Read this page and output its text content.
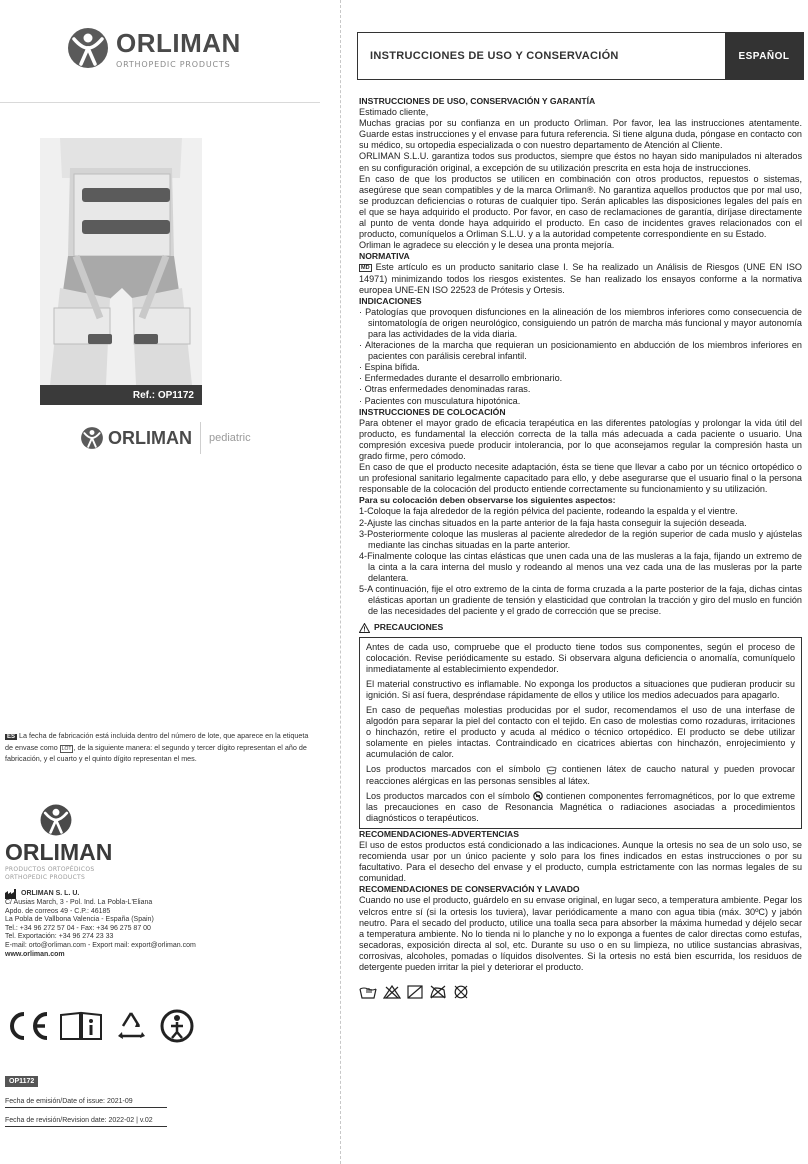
ORLIMAN
ORTHOPEDIC PRODUCTS
Ref.: OP1172
ORLIMAN pediatric
ES La fecha de fabricación está incluida dentro del número de lote, que aparece en la etiqueta de envase como LOT , de la siguiente manera: el segundo y tercer dígito representan el año de fabricación, y el cuarto y el quinto dígito representan el mes.
ORLIMAN
PRODUCTOS ORTOPÉDICOS
ORTHOPEDIC PRODUCTS
ORLIMAN S. L. U.
C/ Ausias March, 3 - Pol. Ind. La Pobla-L'Eliana
Apdo. de correos 49 - C.P.: 46185
La Pobla de Vallbona Valencia - España (Spain)
Tel.: +34 96 272 57 04 - Fax: +34 96 275 87 00
Tel. Exportación: +34 96 274 23 33
E-mail: orto@orliman.com - Export mail: export@orliman.com
www.orliman.com
OP1172
Fecha de emisión/Date of issue: 2021-09
Fecha de revisión/Revision date: 2022-02 | v.02
INSTRUCCIONES DE USO Y CONSERVACIÓN	ESPAÑOL

INSTRUCCIONES DE USO, CONSERVACIÓN Y GARANTÍA

Estimado cliente,

Muchas gracias por su confianza en un producto Orliman. Por favor, lea las instrucciones atentamente. Guarde estas instrucciones y el envase para futura referencia. Si tiene alguna duda, póngase en contacto con su médico, su ortopedia especializada o con nuestro departamento de Atención al Cliente.

ORLIMAN S.L.U. garantiza todos sus productos, siempre que éstos no hayan sido manipulados ni alterados en su configuración original, a excepción de su utilización prescrita en esta hoja de instrucciones.

En caso de que los productos se utilicen en combinación con otros productos, repuestos o sistemas, asegúrese que sean compatibles y de la marca Orliman®. No garantiza aquellos productos que por mal uso, se produzcan deficiencias o roturas de cualquier tipo. Serán aplicables las disposiciones legales del país en el que se haya adquirido el producto. Por favor, en caso de reclamaciones de garantía, diríjase directamente al punto de venta donde haya adquirido el producto. En caso de incidentes graves relacionados con el producto, comuníquelos a Orliman S.L.U. y a la autoridad competente correspondiente en su Estado.

Orliman le agradece su elección y le desea una pronta mejoría.

NORMATIVA

MD Este artículo es un producto sanitario clase I. Se ha realizado un Análisis de Riesgos (UNE EN ISO 14971) minimizando todos los riesgos existentes. Se han realizado los ensayos conforme a la normativa europea UNE-EN ISO 22523 de Prótesis y Ortesis.

INDICACIONES

· Patologías que provoquen disfunciones en la alineación de los miembros inferiores como consecuencia de sintomatología de origen neurológico, consiguiendo un patrón de marcha más funcional y mayor autonomía para las actividades de la vida diaria.
· Alteraciones de la marcha que requieran un posicionamiento en abducción de los miembros inferiores en pacientes con parálisis cerebral infantil.
· Espina bífida.
· Enfermedades durante el desarrollo embrionario.
· Otras enfermedades denominadas raras.
· Pacientes con musculatura hipotónica.

INSTRUCCIONES DE COLOCACIÓN

Para obtener el mayor grado de eficacia terapéutica en las diferentes patologías y prolongar la vida útil del producto, es fundamental la elección correcta de la talla más adecuada a cada paciente o usuario. Una compresión excesiva puede producir intolerancia, por lo que aconsejamos regular la compresión hasta un grado firme, pero cómodo.

En caso de que el producto necesite adaptación, ésta se tiene que llevar a cabo por un técnico ortopédico o un profesional sanitario legalmente capacitado para ello, y debe asegurarse que el usuario final o la persona responsable de la colocación del producto entiende correctamente su funcionamiento y su utilización.

Para su colocación deben observarse los siguientes aspectos:

1-Coloque la faja alrededor de la región pélvica del paciente, rodeando la espalda y el vientre.
2-Ajuste las cinchas situados en la parte anterior de la faja hasta conseguir la sujeción deseada.
3-Posteriormente coloque las musleras al paciente alrededor de la región superior de cada muslo y ajústelas mediante las cinchas situadas en la parte anterior.
4-Finalmente coloque las cintas elásticas que unen cada una de las musleras a la faja, fijando un extremo de la cinta a la cara interna del muslo y rodeando al menos una vez cada una de las musleras por la parte delantera.
5-A continuación, fije el otro extremo de la cinta de forma cruzada a la parte posterior de la faja, dichas cintas elásticas aportan un gradiente de tensión y elasticidad que controlan la tracción y giro del muslo en función de las necesidades del paciente y el grado de corrección que se precise.
PRECAUCIONES

Antes de cada uso, compruebe que el producto tiene todos sus componentes, según el proceso de colocación. Revise periódicamente su estado. Si observara alguna deficiencia o anomalía, comuníquelo inmediatamente al establecimiento expendedor.

El material constructivo es inflamable. No exponga los productos a situaciones que pudieran producir su ignición. Si así fuera, despréndase rápidamente de ellos y utilice los medios adecuados para apagarlo.

En caso de pequeñas molestias producidas por el sudor, recomendamos el uso de una interfase de algodón para separar la piel del contacto con el tejido. En caso de molestias como rozaduras, irritaciones o hinchazón, retire el producto y acuda al médico o técnico ortopédico. El producto se debe utilizar solamente en pieles intactas. Contraindicado en cicatrices abiertas con hinchazón, enrojecimiento y acumulación de calor.

Los productos marcados con el símbolo contienen látex de caucho natural y pueden provocar reacciones alérgicas en las personas sensibles al látex.

Los productos marcados con el símbolo contienen componentes ferromagnéticos, por lo que extreme las precauciones en caso de Resonancia Magnética o radiaciones asociadas a procedimientos diagnósticos o terapéuticos.

RECOMENDACIONES-ADVERTENCIAS

El uso de estos productos está condicionado a las indicaciones. Aunque la ortesis no sea de un solo uso, se recomienda usar por un único paciente y solo para los fines indicados en estas instrucciones o por su facultativo. Para el desecho del envase y el producto, cumpla estrictamente con las normas legales de su comunidad.

RECOMENDACIONES DE CONSERVACIÓN Y LAVADO

Cuando no use el producto, guárdelo en su envase original, en lugar seco, a temperatura ambiente. Pegar los velcros entre sí (si la ortesis los tuviera), lavar periódicamente a mano con agua tibia (máx. 30ºC) y jabón neutro. Para el secado del producto, utilice una toalla seca para absorber la máxima humedad y déjelo secar a temperatura ambiente. No lo tienda ni lo planche y no lo exponga a fuentes de calor directas como estufas, secadoras, exposición directa al sol, etc. Durante su uso o en su limpieza, no utilice sustancias abrasivas, corrosivas, alcoholes, pomadas o líquidos disolventes. Si la ortesis no está bien escurrida, los residuos de detergente pueden irritar la piel y deteriorar el producto.
